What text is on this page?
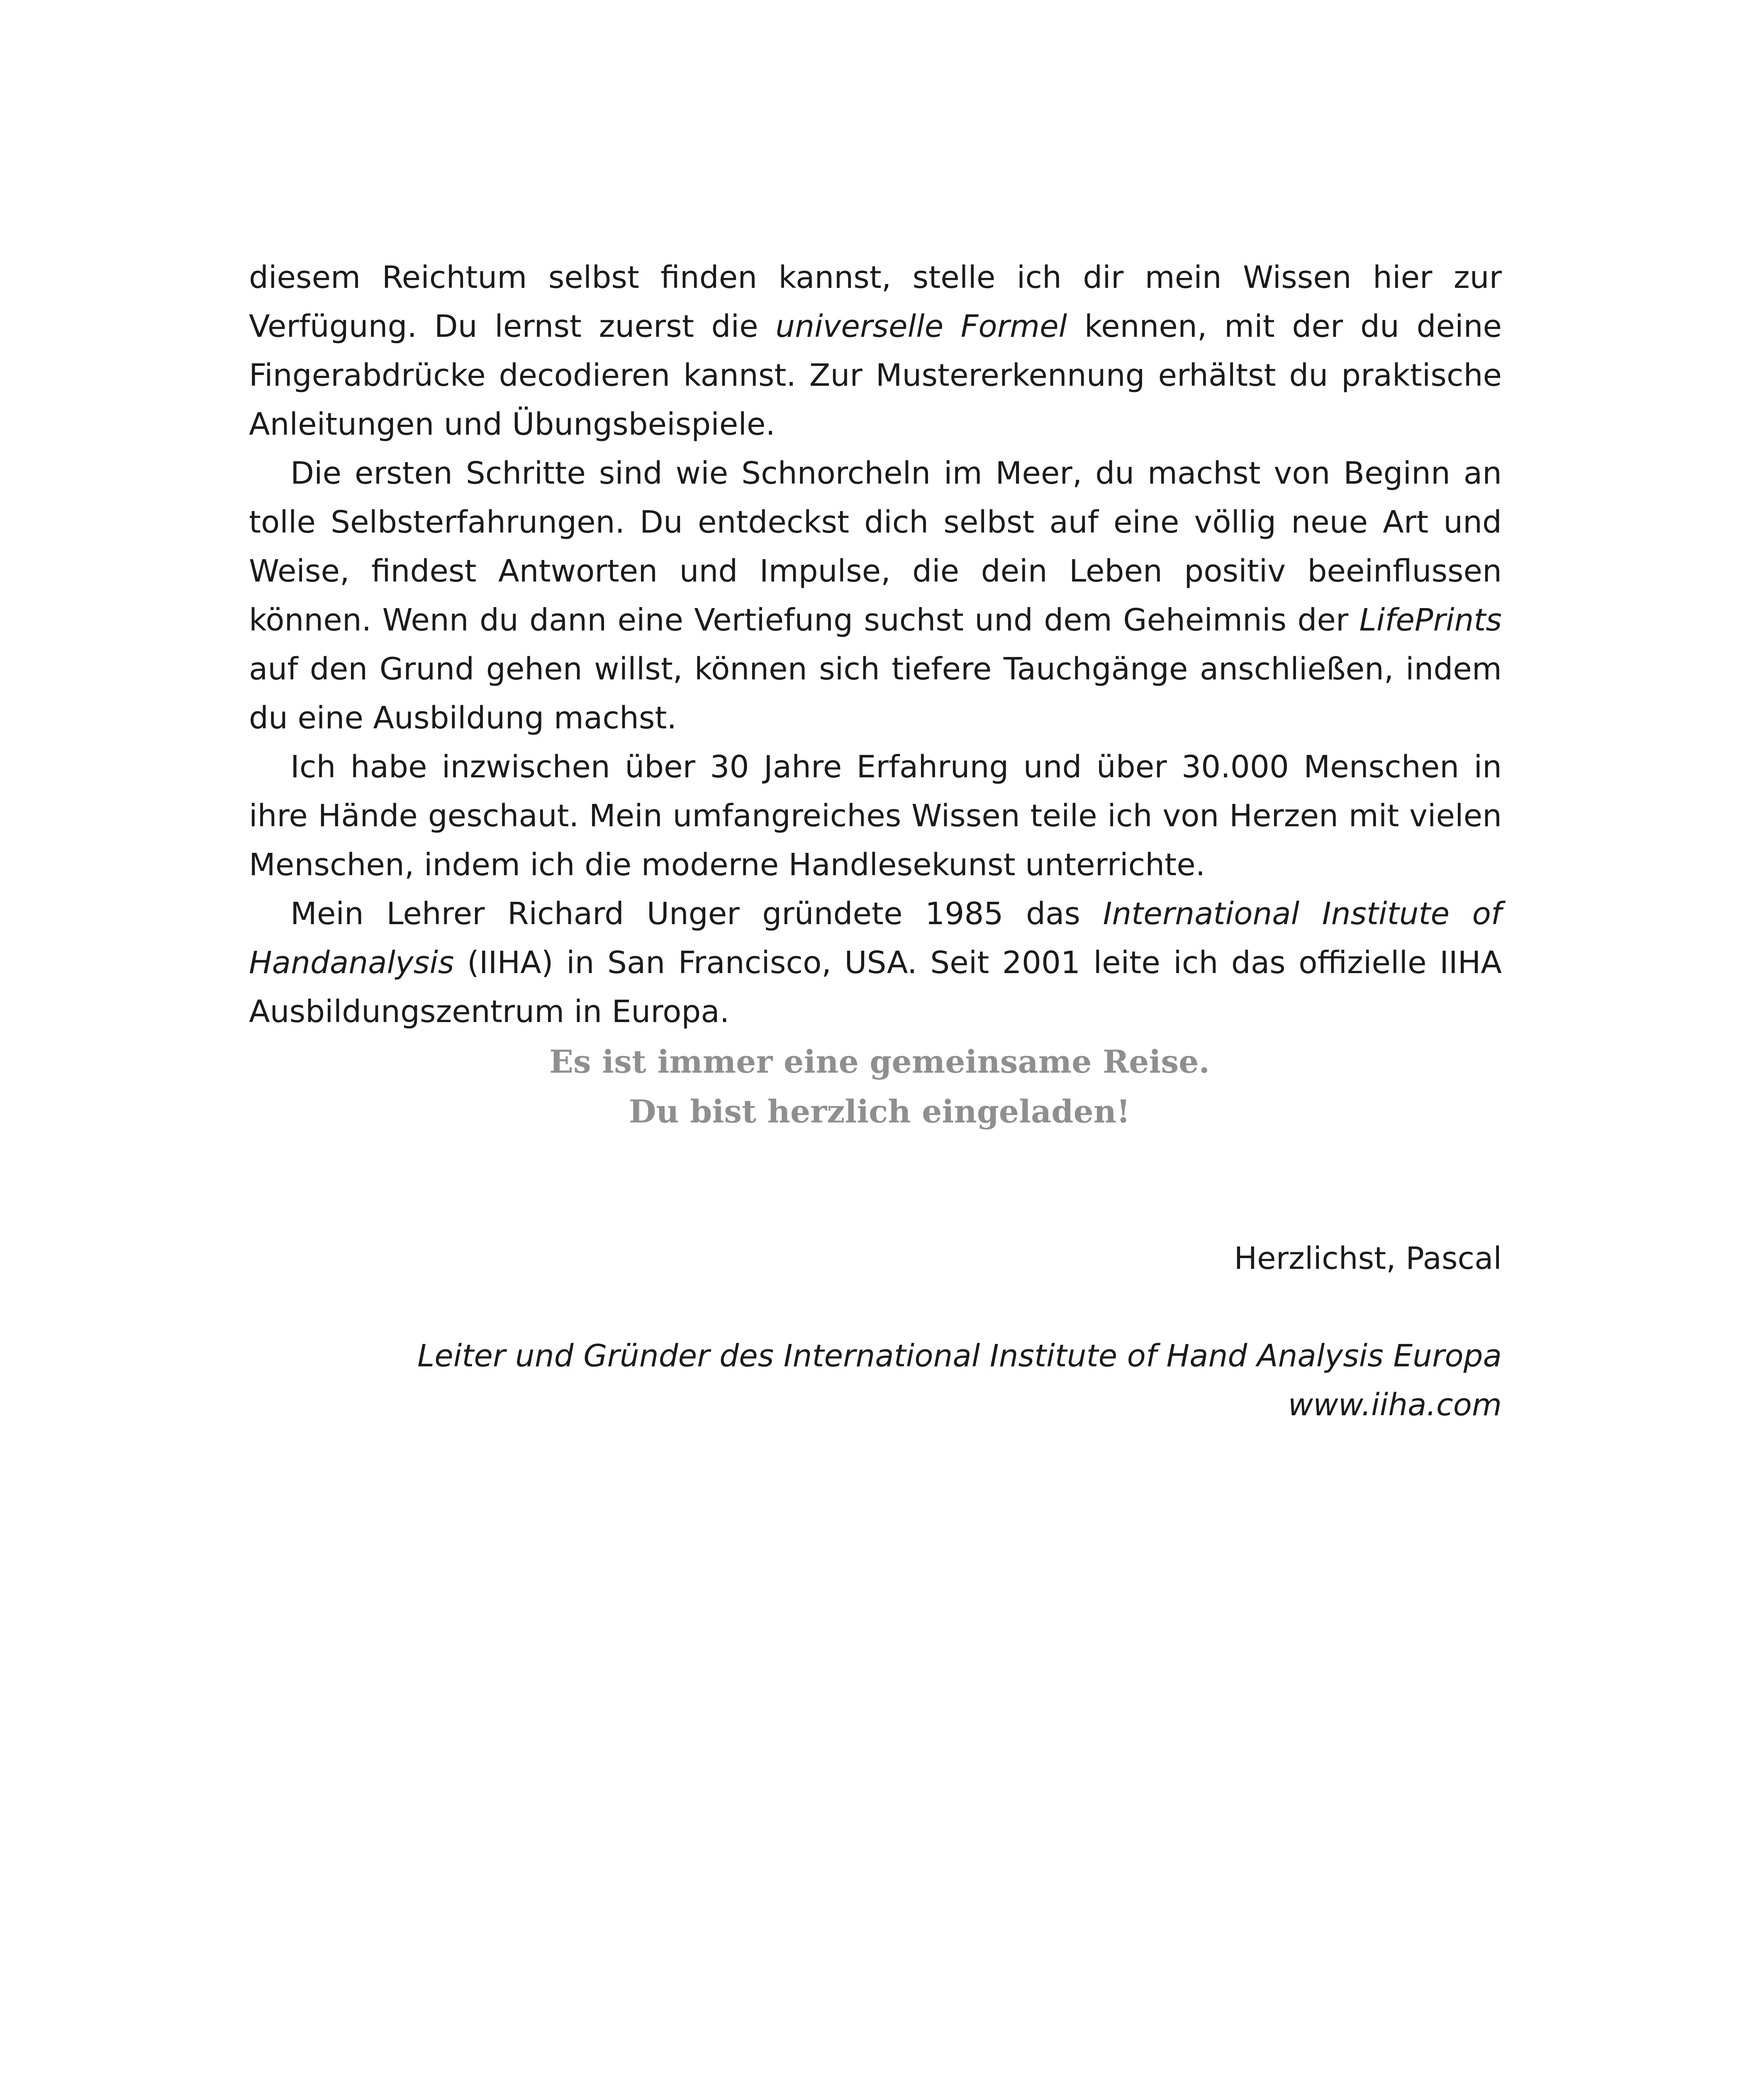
diesem Reichtum selbst finden kannst, stelle ich dir mein Wissen hier zur Verfügung. Du lernst zuerst die universelle Formel kennen, mit der du deine Fingerabdrücke decodieren kannst. Zur Mustererkennung erhältst du praktische Anleitungen und Übungsbeispiele.

Die ersten Schritte sind wie Schnorcheln im Meer, du machst von Beginn an tolle Selbsterfahrungen. Du entdeckst dich selbst auf eine völlig neue Art und Weise, findest Antworten und Impulse, die dein Leben positiv beeinflussen können. Wenn du dann eine Vertiefung suchst und dem Geheimnis der LifePrints auf den Grund gehen willst, können sich tiefere Tauchgänge anschließen, indem du eine Ausbildung machst.

Ich habe inzwischen über 30 Jahre Erfahrung und über 30.000 Menschen in ihre Hände geschaut. Mein umfangreiches Wissen teile ich von Herzen mit vielen Menschen, indem ich die moderne Handlesekunst unterrichte.

Mein Lehrer Richard Unger gründete 1985 das International Institute of Handanalysis (IIHA) in San Francisco, USA. Seit 2001 leite ich das offizielle IIHA Ausbildungszentrum in Europa.

Es ist immer eine gemeinsame Reise.
Du bist herzlich eingeladen!
Herzlichst, Pascal
Leiter und Gründer des International Institute of Hand Analysis Europa
www.iiha.com
